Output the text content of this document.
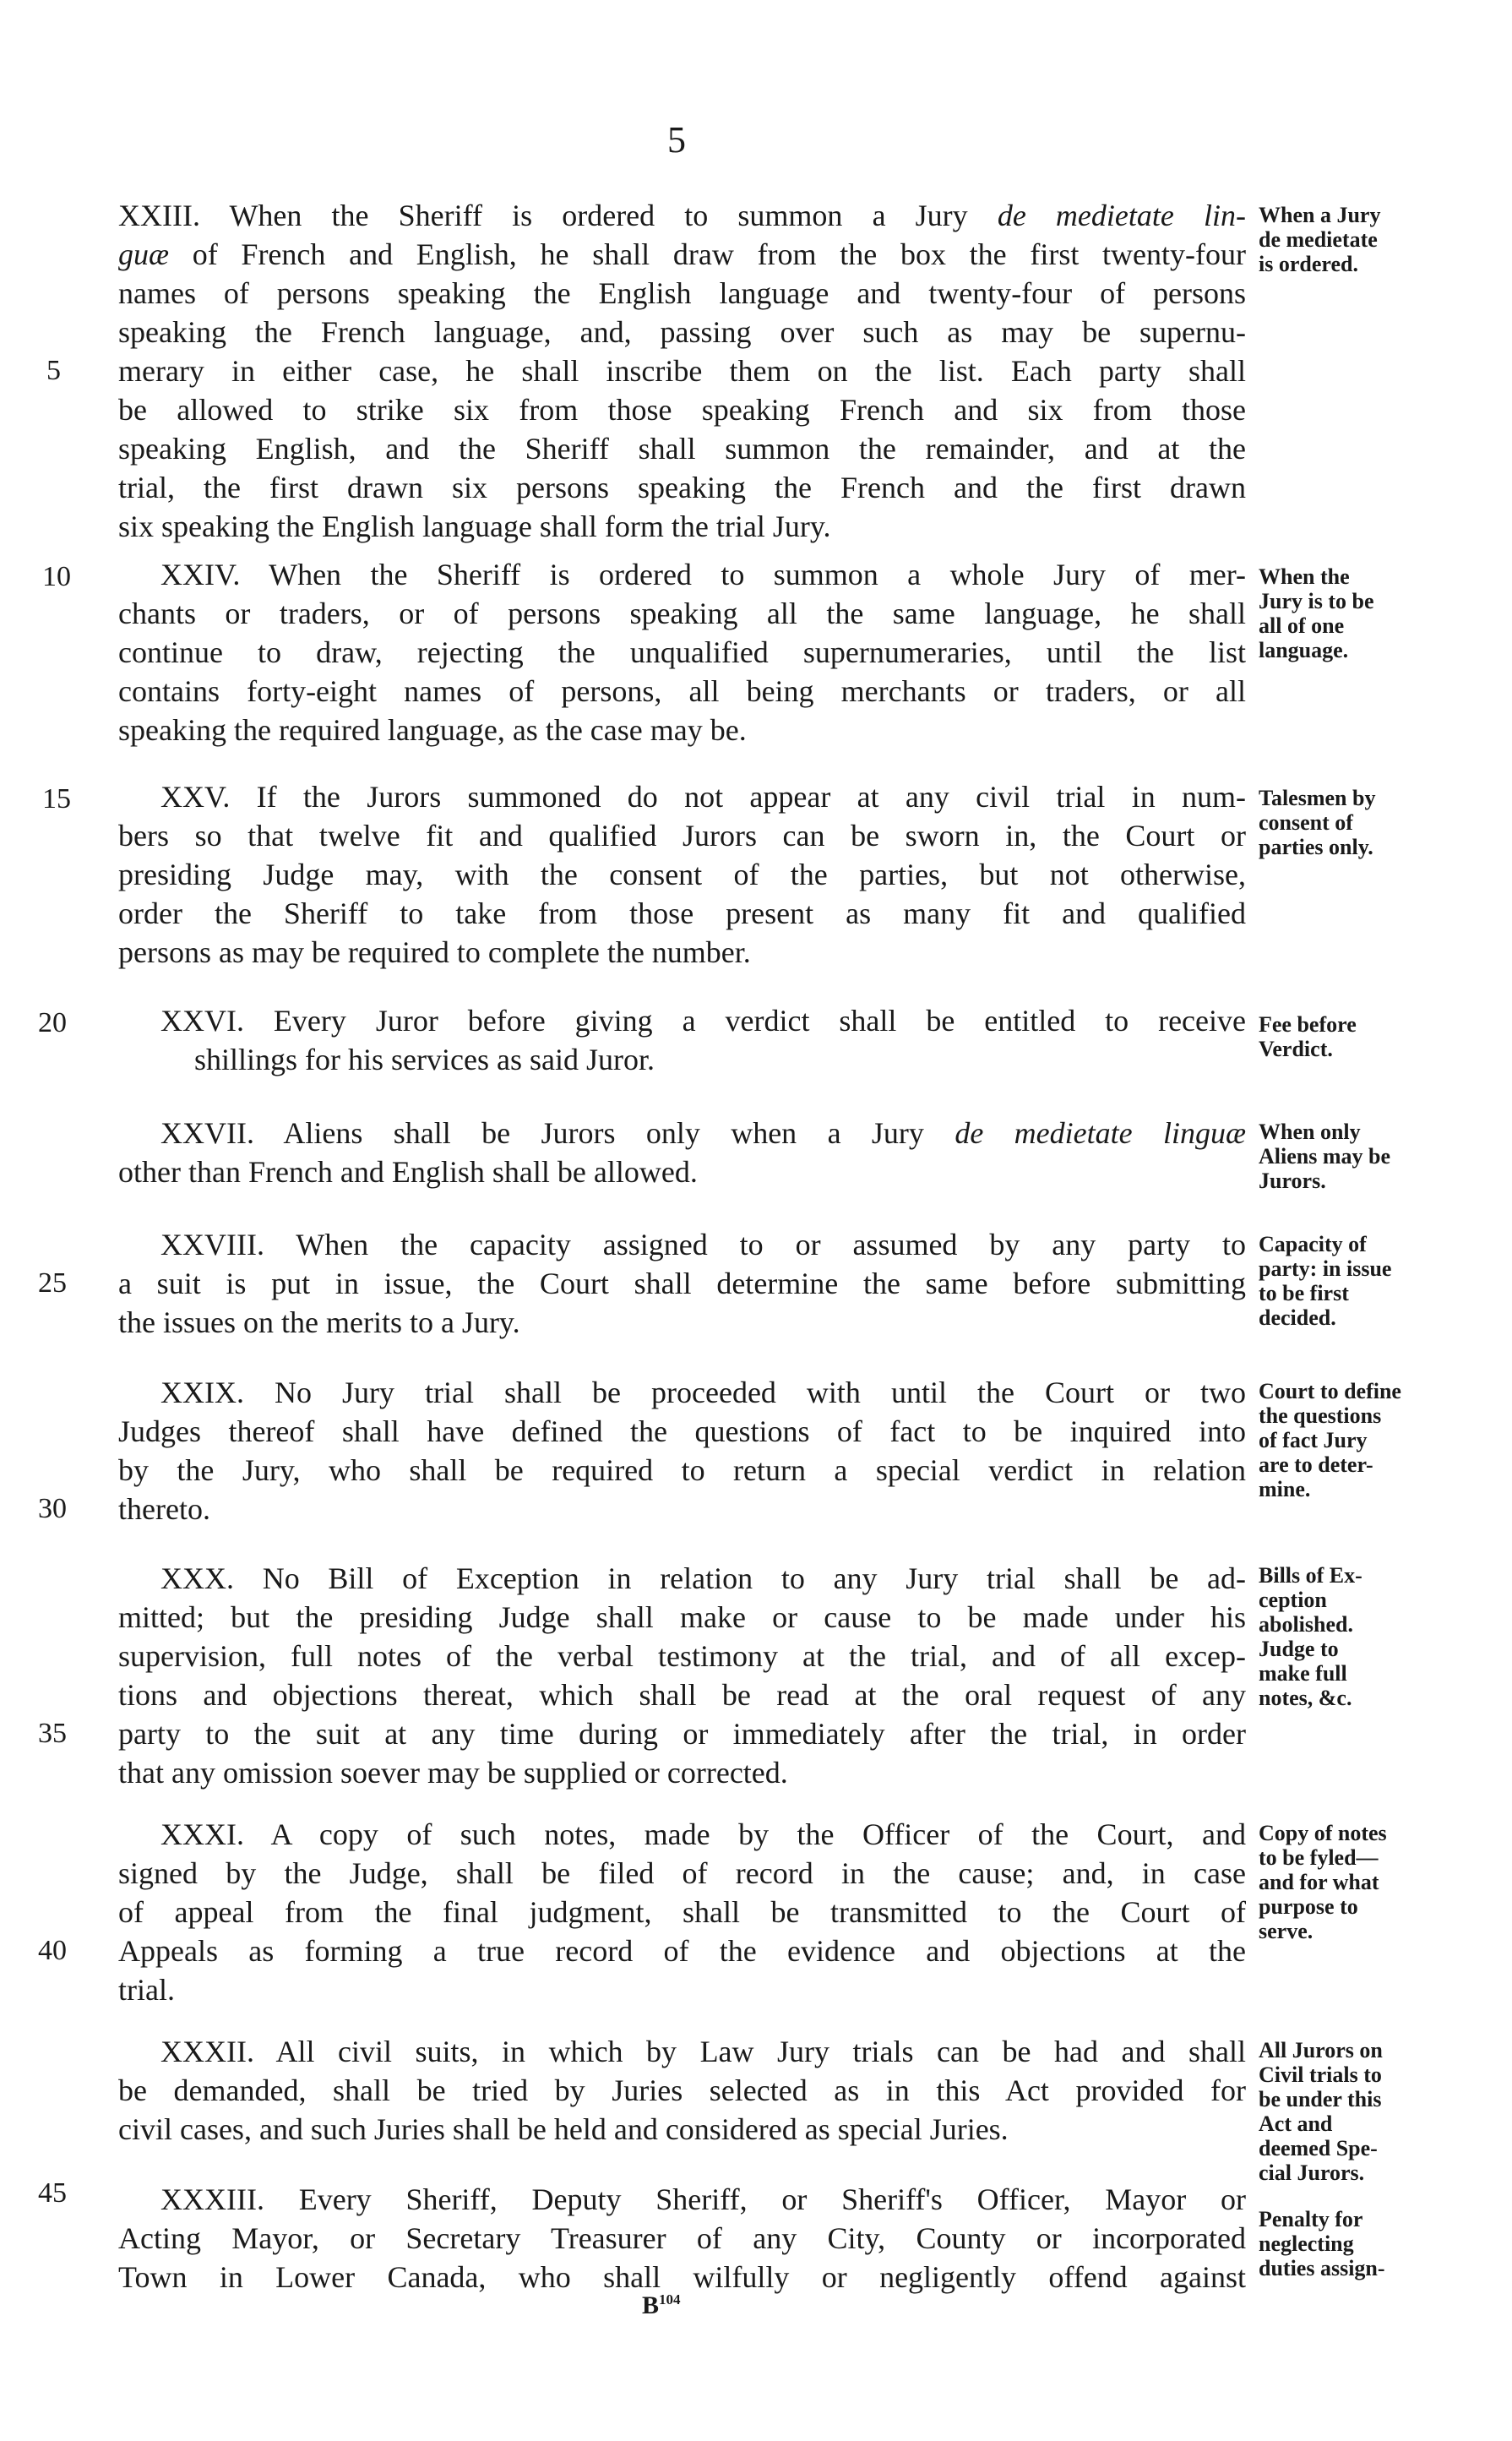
5
XXIII. When the Sheriff is ordered to summon a Jury de medietate lin-
guæ of French and English, he shall draw from the box the first twenty-four
names of persons speaking the English language and twenty-four of persons
speaking the French language, and, passing over such as may be supernu-
merary in either case, he shall inscribe them on the list. Each party shall
be allowed to strike six from those speaking French and six from those
speaking English, and the Sheriff shall summon the remainder, and at the
trial, the first drawn six persons speaking the French and the first drawn
six speaking the English language shall form the trial Jury.
When a Jury
de medietate
is ordered.
XXIV. When the Sheriff is ordered to summon a whole Jury of mer-
chants or traders, or of persons speaking all the same language, he shall
continue to draw, rejecting the unqualified supernumeraries, until the list
contains forty-eight names of persons, all being merchants or traders, or all
speaking the required language, as the case may be.
When the
Jury is to be
all of one
language.
XXV. If the Jurors summoned do not appear at any civil trial in num-
bers so that twelve fit and qualified Jurors can be sworn in, the Court or
presiding Judge may, with the consent of the parties, but not otherwise,
order the Sheriff to take from those present as many fit and qualified
persons as may be required to complete the number.
Talesmen by
consent of
parties only.
XXVI. Every Juror before giving a verdict shall be entitled to receive
shillings for his services as said Juror.
Fee before
Verdict.
XXVII. Aliens shall be Jurors only when a Jury de medietate linguæ
other than French and English shall be allowed.
When only
Aliens may be
Jurors.
XXVIII. When the capacity assigned to or assumed by any party to
a suit is put in issue, the Court shall determine the same before submitting
the issues on the merits to a Jury.
Capacity of
party: in issue
to be first
decided.
XXIX. No Jury trial shall be proceeded with until the Court or two
Judges thereof shall have defined the questions of fact to be inquired into
by the Jury, who shall be required to return a special verdict in relation
thereto.
Court to define
the questions
of fact Jury
are to deter-
mine.
XXX. No Bill of Exception in relation to any Jury trial shall be ad-
mitted; but the presiding Judge shall make or cause to be made under his
supervision, full notes of the verbal testimony at the trial, and of all excep-
tions and objections thereat, which shall be read at the oral request of any
party to the suit at any time during or immediately after the trial, in order
that any omission soever may be supplied or corrected.
Bills of Ex-
ception
abolished.
Judge to
make full
notes, &c.
XXXI. A copy of such notes, made by the Officer of the Court, and
signed by the Judge, shall be filed of record in the cause; and, in case
of appeal from the final judgment, shall be transmitted to the Court of
Appeals as forming a true record of the evidence and objections at the
trial.
Copy of notes
to be fyled—
and for what
purpose to
serve.
XXXII. All civil suits, in which by Law Jury trials can be had and shall
be demanded, shall be tried by Juries selected as in this Act provided for
civil cases, and such Juries shall be held and considered as special Juries.
All Jurors on
Civil trials to
be under this
Act and
deemed Spe-
cial Jurors.
XXXIII. Every Sheriff, Deputy Sheriff, or Sheriff's Officer, Mayor or
Acting Mayor, or Secretary Treasurer of any City, County or incorporated
Town in Lower Canada, who shall wilfully or negligently offend against
Penalty for
neglecting
duties assign-
5
10
15
20
25
30
35
40
45
$B^{104}$
